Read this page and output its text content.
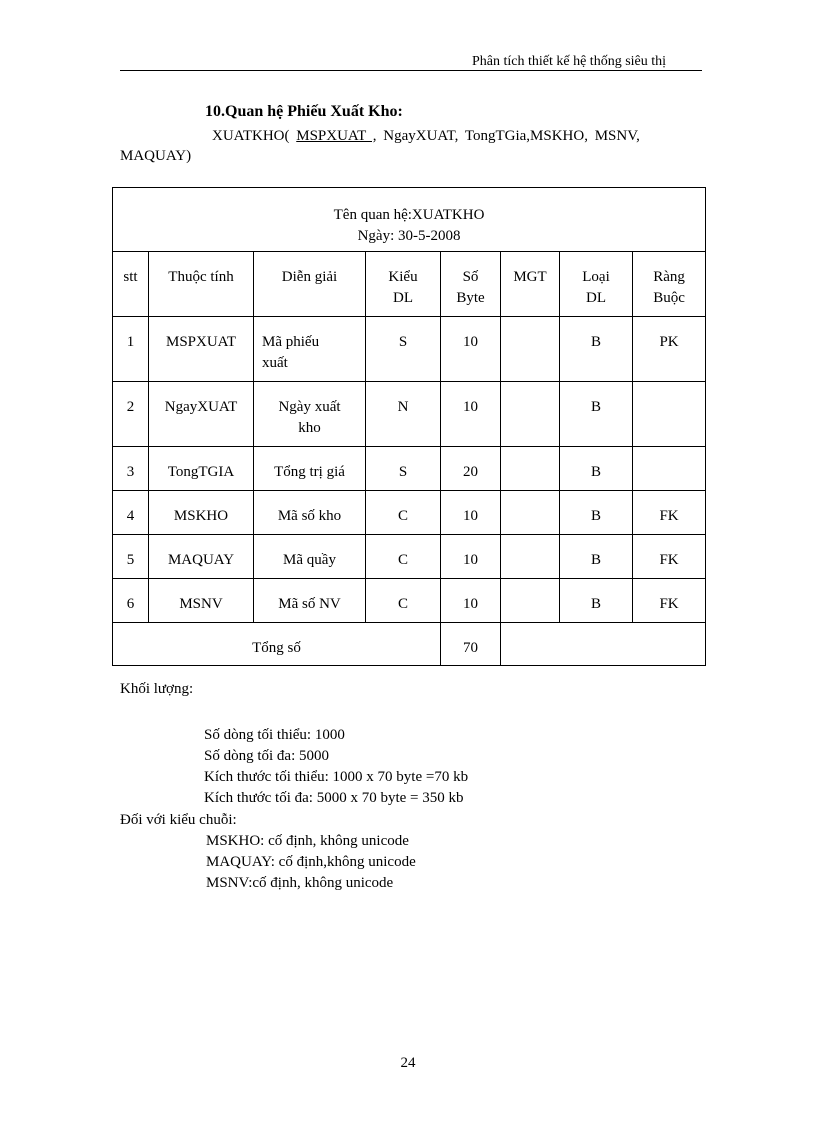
Phân tích thiết kế hệ thống siêu thị
10.Quan hệ Phiếu Xuất Kho:
XUATKHO( MSPXUAT , NgayXUAT, TongTGia,MSKHO, MSNV,
MAQUAY)
Tên quan hệ:XUATKHO
Ngày: 30-5-2008							

stt	Thuộc tính	Diễn giải	Kiểu DL	Số Byte	MGT	Loại DL	Ràng Buộc

1	MSPXUAT	Mã phiếu xuất	S	10		B	PK
2	NgayXUAT	Ngày xuất kho	N	10		B	
3	TongTGIA	Tổng trị giá	S	20		B	
4	MSKHO	Mã số kho	C	10		B	FK
5	MAQUAY	Mã quầy	C	10		B	FK
6	MSNV	Mã số NV	C	10		B	FK
Tổng số				70			
Khối lượng:
Số dòng tối thiểu: 1000
Số dòng tối đa: 5000
Kích thước tối thiểu: 1000 x 70 byte =70 kb
Kích thước tối đa: 5000 x 70 byte = 350 kb
Đối với kiểu chuỗi:
MSKHO: cố định, không unicode
MAQUAY: cố định,không unicode
MSNV:cố định, không unicode
24
